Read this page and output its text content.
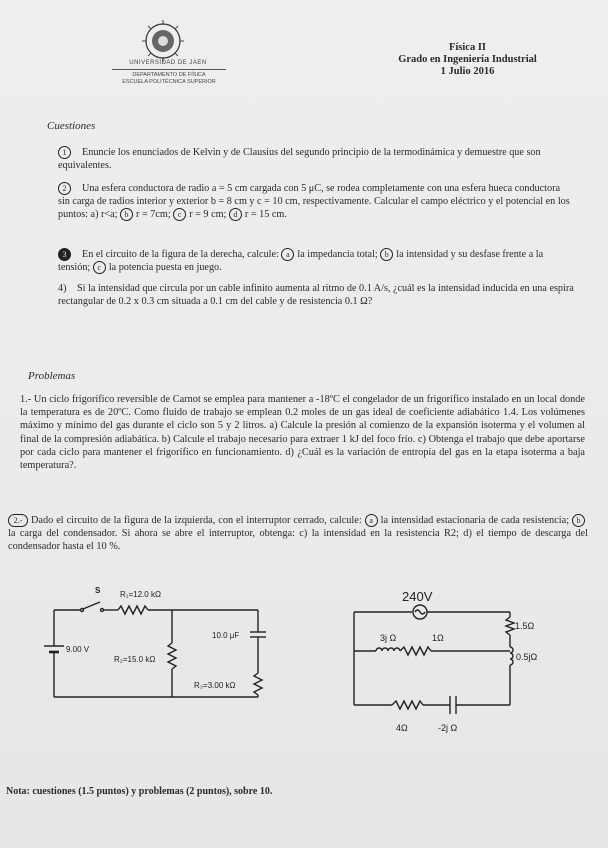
UNIVERSIDAD DE JAEN
DEPARTAMENTO DE FÍSICA
ESCUELA POLITÉCNICA SUPERIOR
Física II
Grado en Ingeniería Industrial
1 Julio 2016
Cuestiones
1 Enuncie los enunciados de Kelvin y de Clausius del segundo principio de la termodinámica y demuestre que son equivalentes.
2 Una esfera conductora de radio a = 5 cm cargada con 5 μC, se rodea completamente con una esfera hueca conductora sin carga de radios interior y exterior b = 8 cm y c = 10 cm, respectivamente. Calcular el campo eléctrico y el potencial en los puntos: a) r<a; b r = 7cm; c r = 9 cm; d r = 15 cm.
3 En el circuito de la figura de la derecha, calcule: a la impedancia total; b la intensidad y su desfase frente a la tensión; c la potencia puesta en juego.
4) Si la intensidad que circula por un cable infinito aumenta al ritmo de 0.1 A/s, ¿cuál es la intensidad inducida en una espira rectangular de 0.2 x 0.3 cm situada a 0.1 cm del cable y de resistencia 0.1 Ω?
Problemas
1.- Un ciclo frigorífico reversible de Carnot se emplea para mantener a -18ºC el congelador de un frigorífico instalado en un local donde la temperatura es de 20ºC. Como fluido de trabajo se emplean 0.2 moles de un gas ideal de coeficiente adiabático 1.4. Los volúmenes máximo y mínimo del gas durante el ciclo son 5 y 2 litros. a) Calcule la presión al comienzo de la expansión isoterma y el volumen al final de la compresión adiabática. b) Calcule el trabajo necesario para extraer 1 kJ del foco frío. c) Obtenga el trabajo que debe aportarse por cada ciclo para mantener el frigorífico en funcionamiento. d) ¿Cuál es la variación de entropía del gas en la etapa isoterma a baja temperatura?.
2.- Dado el circuito de la figura de la izquierda, con el interruptor cerrado, calcule: a la intensidad estacionaria de cada resistencia; bla carga del condensador. Si ahora se abre el interruptor, obtenga: c) la intensidad en la resistencia R2; d) el tiempo de descarga del condensador hasta el 10 %.
S R₁=12.0 kΩ
9.00 V
R₂=15.0 kΩ
10.0 μF
R₃=3.00 kΩ
240V
1.5Ω
3j Ω	1Ω
0.5jΩ
4Ω	-2j Ω
Nota: cuestiones (1.5 puntos) y problemas (2 puntos), sobre 10.
